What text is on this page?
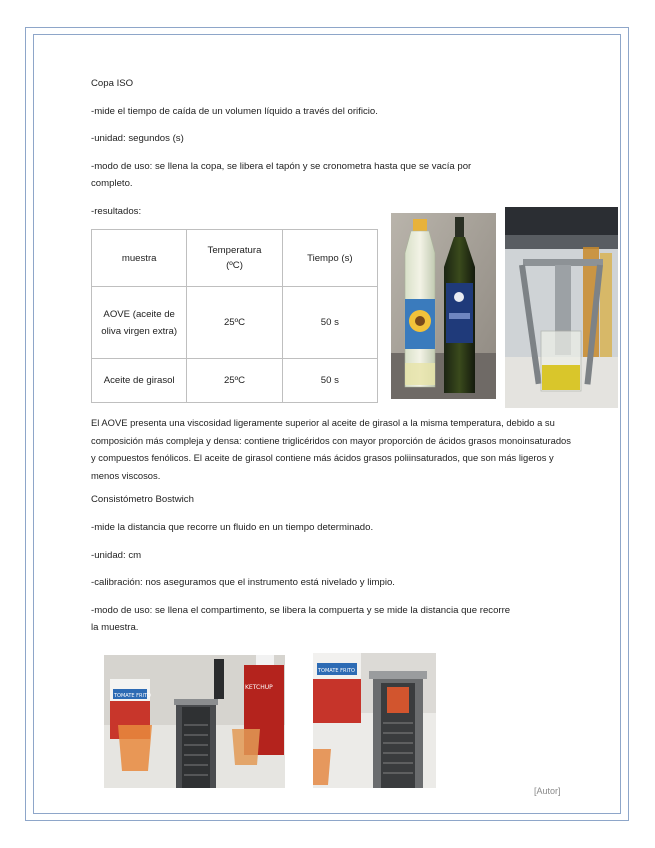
Copa ISO
-mide el tiempo de caída de un volumen líquido a través del orificio.
-unidad: segundos (s)
-modo de uso: se llena la copa, se libera el tapón y se cronometra hasta que se vacía por
completo.
-resultados:
muestra	Temperatura (ºC)	Tiempo (s)
AOVE (aceite de oliva virgen extra)	25ºC	50 s
Aceite de girasol	25ºC	50 s
El AOVE presenta una viscosidad ligeramente superior al aceite de girasol a la misma temperatura, debido a su composición más compleja y densa: contiene triglicéridos con mayor proporción de ácidos grasos monoinsaturados y compuestos fenólicos. El aceite de girasol contiene más ácidos grasos poliinsaturados, que son más ligeros y menos viscosos.
Consistómetro Bostwich
-mide la distancia que recorre un fluido en un tiempo determinado.
-unidad: cm
-calibración: nos aseguramos que el instrumento está nivelado y limpio.
-modo de uso: se llena el compartimento, se libera la compuerta y se mide la distancia que recorre
la muestra.
TOMATE FRITO
KETCHUP
TOMATE FRITO
[Autor]
